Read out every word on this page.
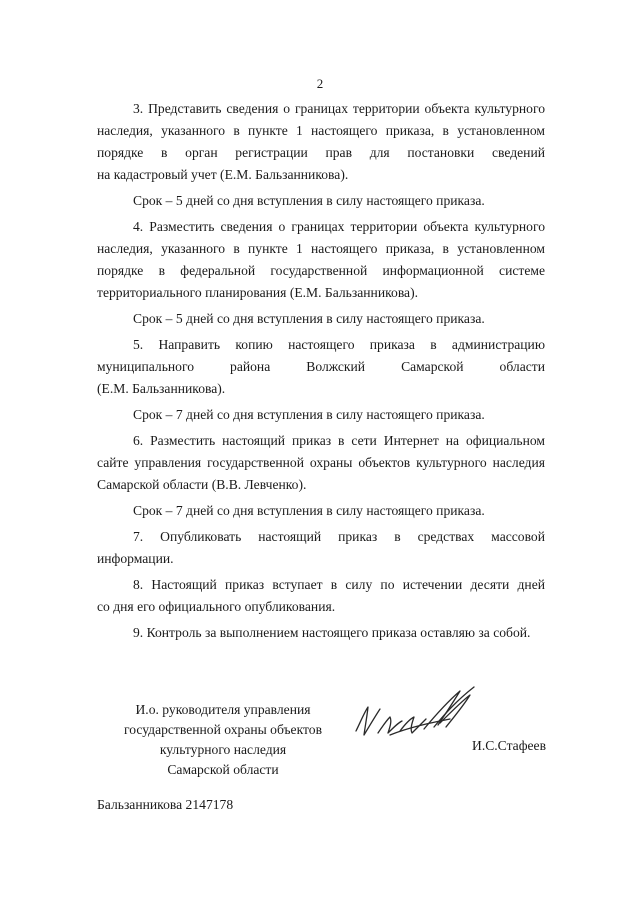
2
3. Представить сведения о границах территории объекта культурного
наследия, указанного в пункте 1 настоящего приказа, в установленном
порядке в орган регистрации прав для постановки сведений
на кадастровый учет (Е.М. Бальзанникова).
Срок – 5 дней со дня вступления в силу настоящего приказа.
4. Разместить сведения о границах территории объекта культурного
наследия, указанного в пункте 1 настоящего приказа, в установленном
порядке в федеральной государственной информационной системе
территориального планирования (Е.М. Бальзанникова).
Срок – 5 дней со дня вступления в силу настоящего приказа.
5. Направить копию настоящего приказа в администрацию
муниципального района Волжский Самарской области
(Е.М. Бальзанникова).
Срок – 7 дней со дня вступления в силу настоящего приказа.
6. Разместить настоящий приказ в сети Интернет на официальном
сайте управления государственной охраны объектов культурного наследия
Самарской области (В.В. Левченко).
Срок – 7 дней со дня вступления в силу настоящего приказа.
7. Опубликовать настоящий приказ в средствах массовой
информации.
8. Настоящий приказ вступает в силу по истечении десяти дней
со дня его официального опубликования.
9. Контроль за выполнением настоящего приказа оставляю за собой.
И.о. руководителя управления
государственной охраны объектов
культурного наследия
Самарской области
И.С.Стафеев
Бальзанникова 2147178
